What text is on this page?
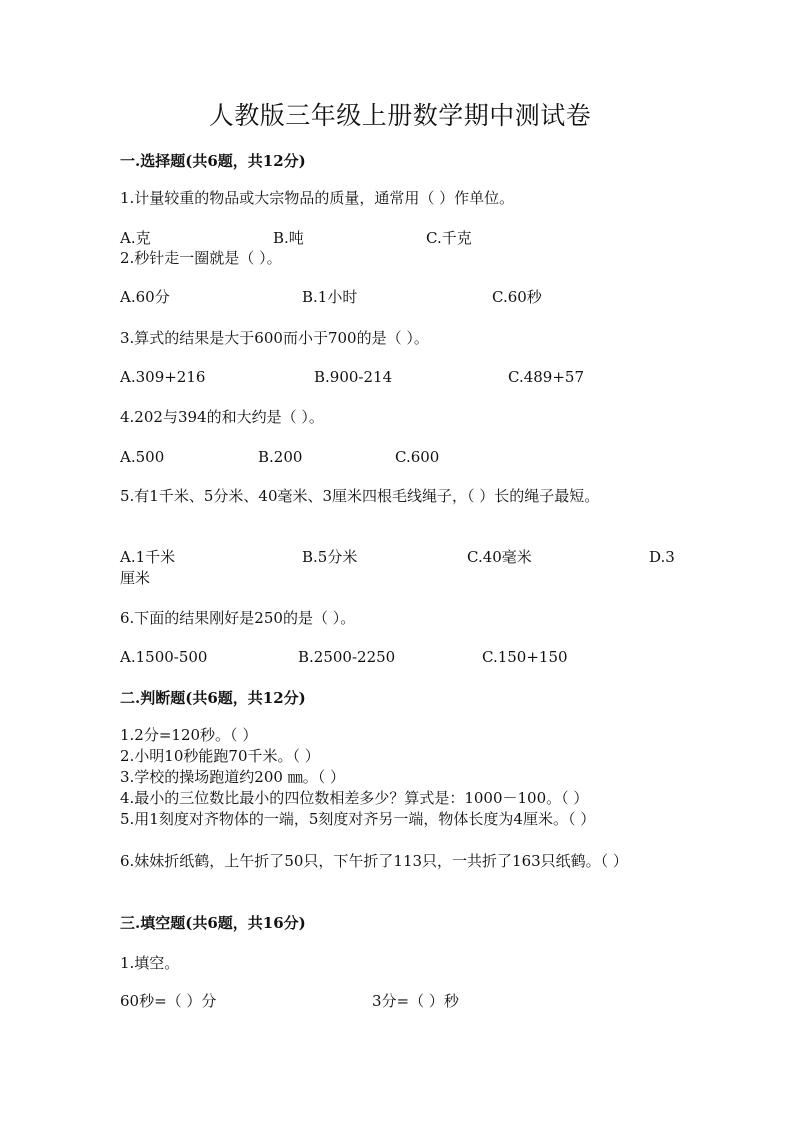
人教版三年级上册数学期中测试卷
一.选择题(共6题，共12分)
1.计量较重的物品或大宗物品的质量，通常用（ ）作单位。
A.克	B.吨	C.千克
2.秒针走一圈就是（ ）。
A.60分	B.1小时	C.60秒
3.算式的结果是大于600而小于700的是（ ）。
A.309+216	B.900-214	C.489+57
4.202与394的和大约是（ ）。
A.500	B.200	C.600
5.有1千米、5分米、40毫米、3厘米四根毛线绳子，（ ）长的绳子最短。
A.1千米	B.5分米	C.40毫米	D.3
厘米
6.下面的结果刚好是250的是（ ）。
A.1500-500	B.2500-2250	C.150+150
二.判断题(共6题，共12分)
1.2分=120秒。（ ）
2.小明10秒能跑70千米。（ ）
3.学校的操场跑道约200 ㎜。（ ）
4.最小的三位数比最小的四位数相差多少？算式是：1000－100。（ ）
5.用1刻度对齐物体的一端，5刻度对齐另一端，物体长度为4厘米。（ ）
6.妹妹折纸鹤，上午折了50只，下午折了113只，一共折了163只纸鹤。（ ）
三.填空题(共6题，共16分)
1.填空。
60秒=（ ）分	3分=（ ）秒
